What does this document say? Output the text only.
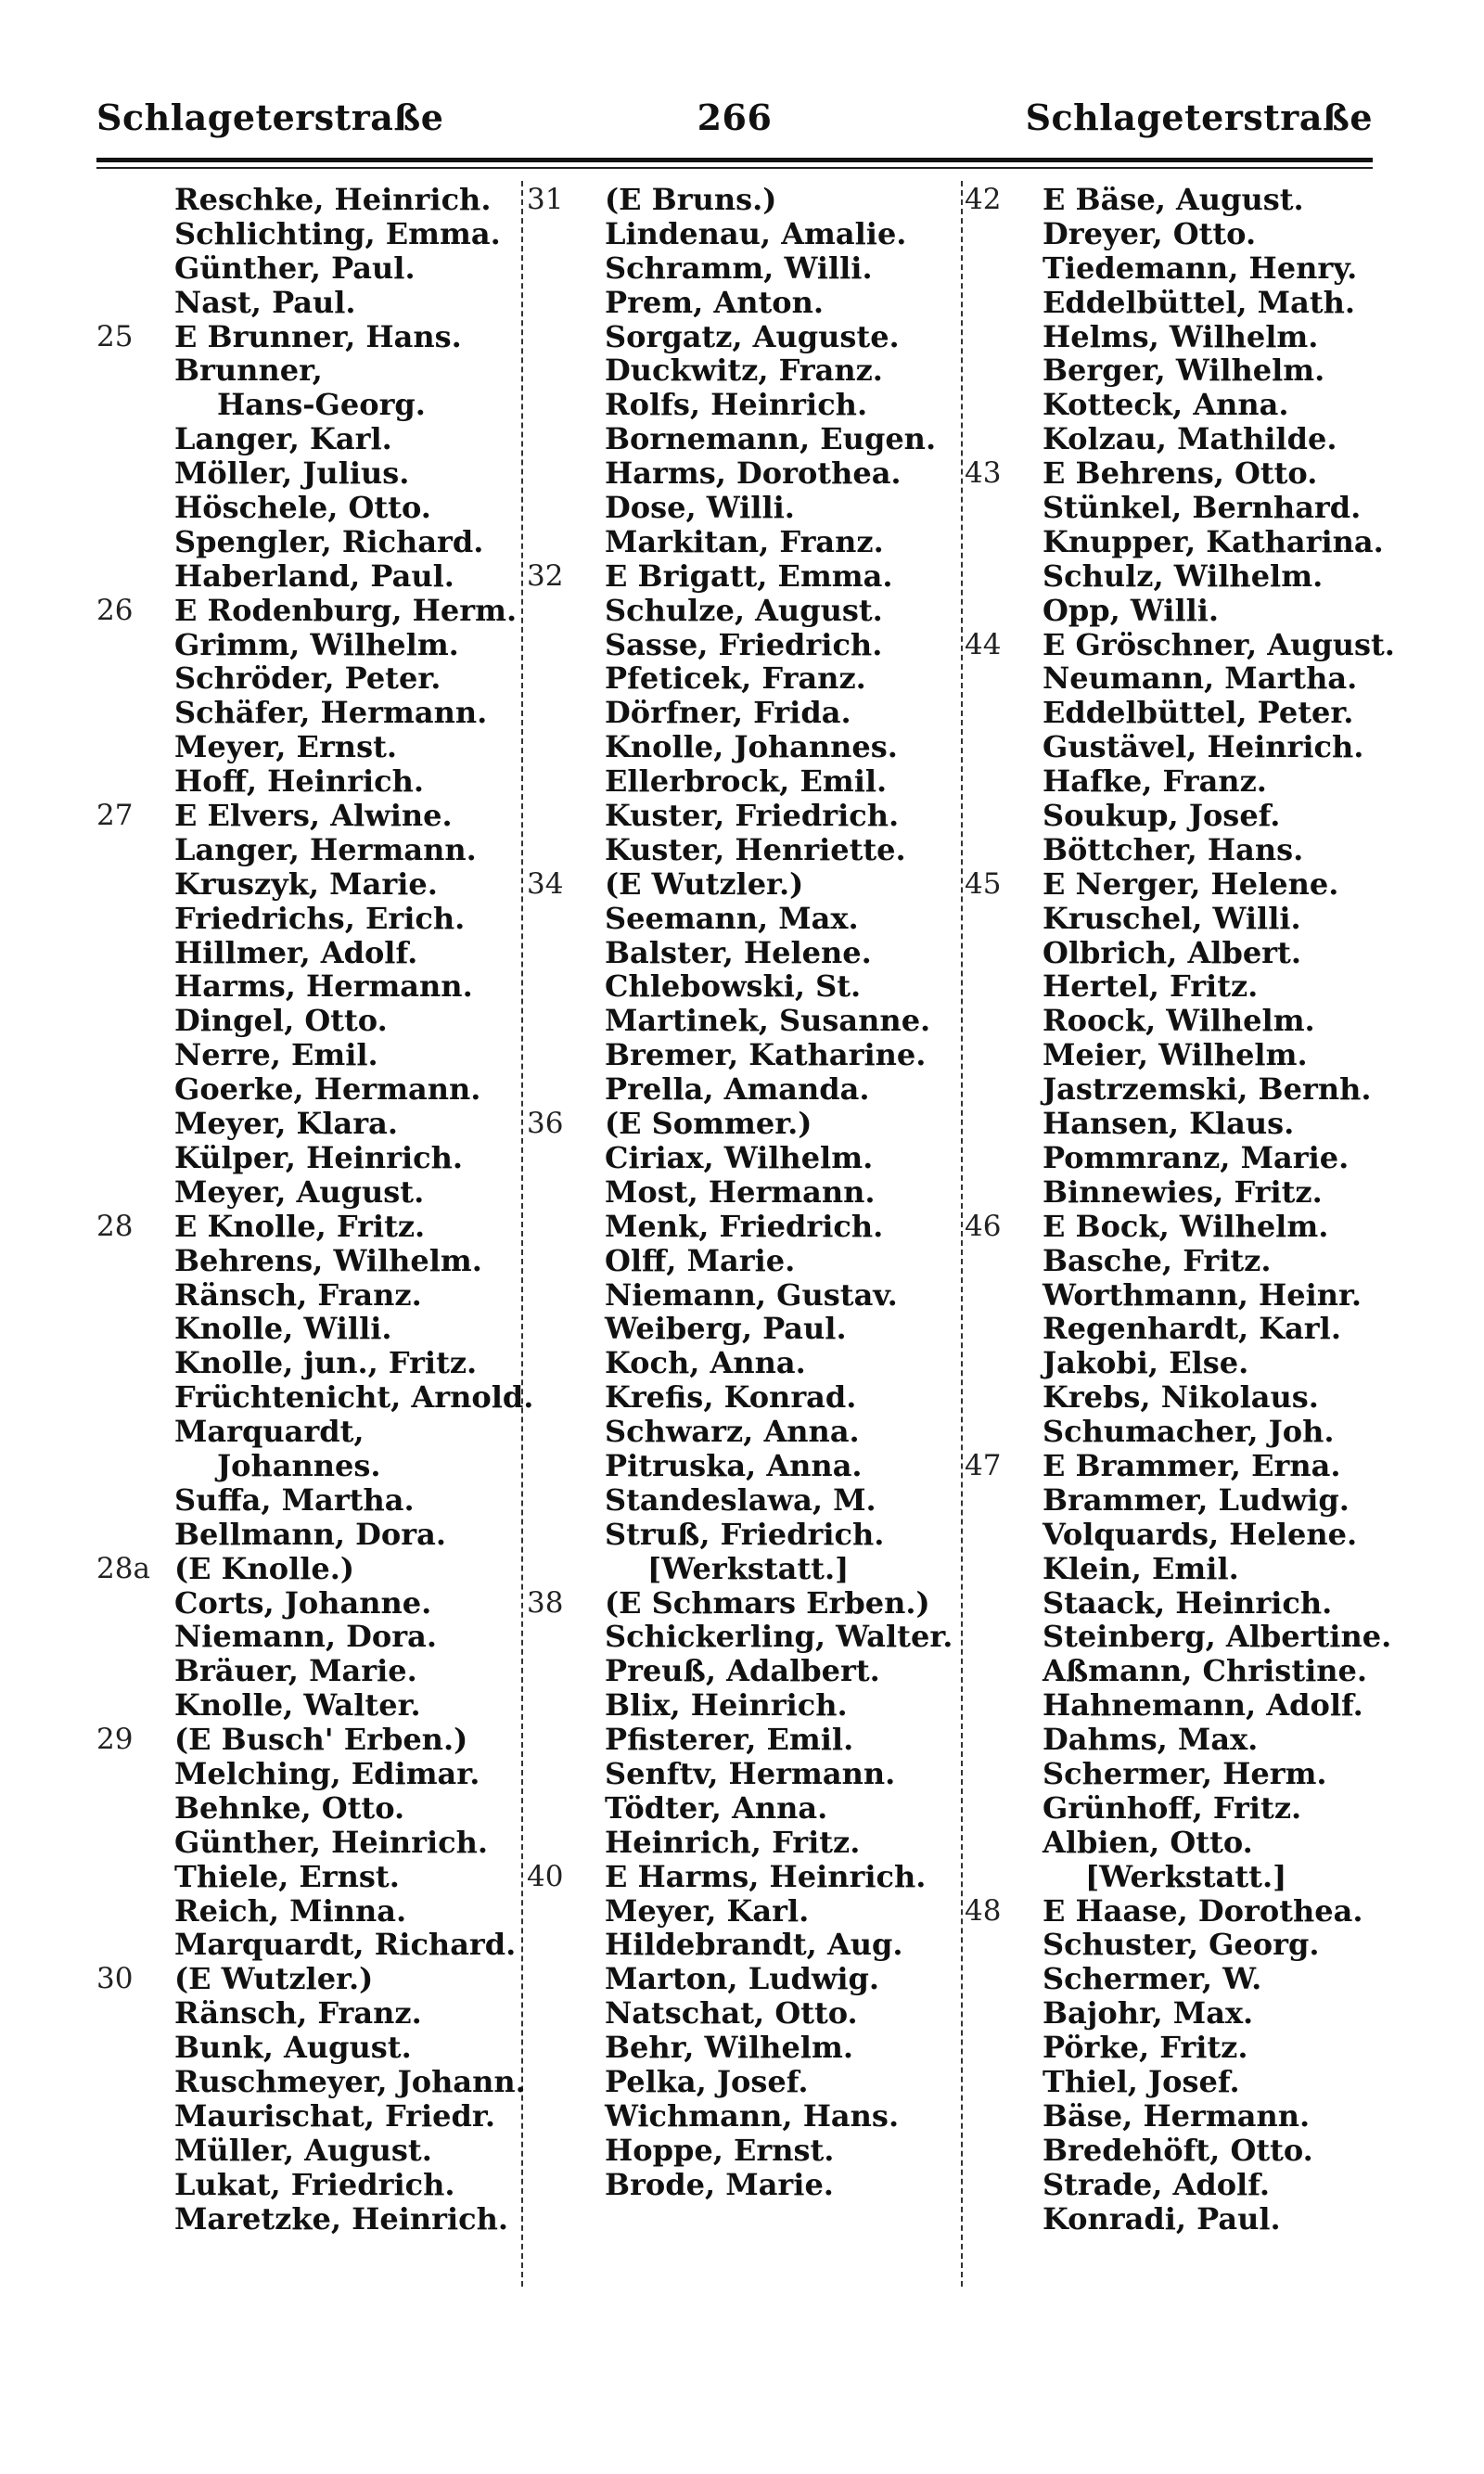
266
Schlageterstraße	Schlageterstraße
Reschke, Heinrich.
Schlichting, Emma.
Günther, Paul.
Nast, Paul.
25	E Brunner, Hans.
Brunner,
Hans-Georg.
Langer, Karl.
Möller, Julius.
Höschele, Otto.
Spengler, Richard.
Haberland, Paul.
26	E Rodenburg, Herm.
Grimm, Wilhelm.
Schröder, Peter.
Schäfer, Hermann.
Meyer, Ernst.
Hoff, Heinrich.
27	E Elvers, Alwine.
Langer, Hermann.
Kruszyk, Marie.
Friedrichs, Erich.
Hillmer, Adolf.
Harms, Hermann.
Dingel, Otto.
Nerre, Emil.
Goerke, Hermann.
Meyer, Klara.
Külper, Heinrich.
Meyer, August.
28	E Knolle, Fritz.
Behrens, Wilhelm.
Ränsch, Franz.
Knolle, Willi.
Knolle, jun., Fritz.
Früchtenicht, Arnold.
Marquardt,
Johannes.
Suffa, Martha.
Bellmann, Dora.
28a (E Knolle.)
Corts, Johanne.
Niemann, Dora.
Bräuer, Marie.
Knolle, Walter.
29	(E Busch' Erben.)
Melching, Edimar.
Behnke, Otto.
Günther, Heinrich.
Thiele, Ernst.
Reich, Minna.
Marquardt, Richard.
30	(E Wutzler.)
Ränsch, Franz.
Bunk, August.
Ruschmeyer, Johann.
Maurischat, Friedr.
Müller, August.
Lukat, Friedrich.
Maretzke, Heinrich.
31	(E Bruns.)
Lindenau, Amalie.
Schramm, Willi.
Prem, Anton.
Sorgatz, Auguste.
Duckwitz, Franz.
Rolfs, Heinrich.
Bornemann, Eugen.
Harms, Dorothea.
Dose, Willi.
Markitan, Franz.
32	E Brigatt, Emma.
Schulze, August.
Sasse, Friedrich.
Pfeticek, Franz.
Dörfner, Frida.
Knolle, Johannes.
Ellerbrock, Emil.
Kuster, Friedrich.
Kuster, Henriette.
34	(E Wutzler.)
Seemann, Max.
Balster, Helene.
Chlebowski, St.
Martinek, Susanne.
Bremer, Katharine.
Prella, Amanda.
36	(E Sommer.)
Ciriax, Wilhelm.
Most, Hermann.
Menk, Friedrich.
Olff, Marie.
Niemann, Gustav.
Weiberg, Paul.
Koch, Anna.
Krefis, Konrad.
Schwarz, Anna.
Pitruska, Anna.
Standeslawa, M.
Struß, Friedrich.
[Werkstatt.]
38	(E Schmars Erben.)
Schickerling, Walter.
Preuß, Adalbert.
Blix, Heinrich.
Pfisterer, Emil.
Senftv, Hermann.
Tödter, Anna.
Heinrich, Fritz.
40	E Harms, Heinrich.
Meyer, Karl.
Hildebrandt, Aug.
Marton, Ludwig.
Natschat, Otto.
Behr, Wilhelm.
Pelka, Josef.
Wichmann, Hans.
Hoppe, Ernst.
Brode, Marie.
42	E Bäse, August.
Dreyer, Otto.
Tiedemann, Henry.
Eddelbüttel, Math.
Helms, Wilhelm.
Berger, Wilhelm.
Kotteck, Anna.
Kolzau, Mathilde.
43	E Behrens, Otto.
Stünkel, Bernhard.
Knupper, Katharina.
Schulz, Wilhelm.
Opp, Willi.
44	E Gröschner, August.
Neumann, Martha.
Eddelbüttel, Peter.
Gustävel, Heinrich.
Hafke, Franz.
Soukup, Josef.
Böttcher, Hans.
45	E Nerger, Helene.
Kruschel, Willi.
Olbrich, Albert.
Hertel, Fritz.
Roock, Wilhelm.
Meier, Wilhelm.
Jastrzemski, Bernh.
Hansen, Klaus.
Pommranz, Marie.
Binnewies, Fritz.
46	E Bock, Wilhelm.
Basche, Fritz.
Worthmann, Heinr.
Regenhardt, Karl.
Jakobi, Else.
Krebs, Nikolaus.
Schumacher, Joh.
47	E Brammer, Erna.
Brammer, Ludwig.
Volquards, Helene.
Klein, Emil.
Staack, Heinrich.
Steinberg, Albertine.
Aßmann, Christine.
Hahnemann, Adolf.
Dahms, Max.
Schermer, Herm.
Grünhoff, Fritz.
Albien, Otto.
[Werkstatt.]
48	E Haase, Dorothea.
Schuster, Georg.
Schermer, W.
Bajohr, Max.
Pörke, Fritz.
Thiel, Josef.
Bäse, Hermann.
Bredehöft, Otto.
Strade, Adolf.
Konradi, Paul.
